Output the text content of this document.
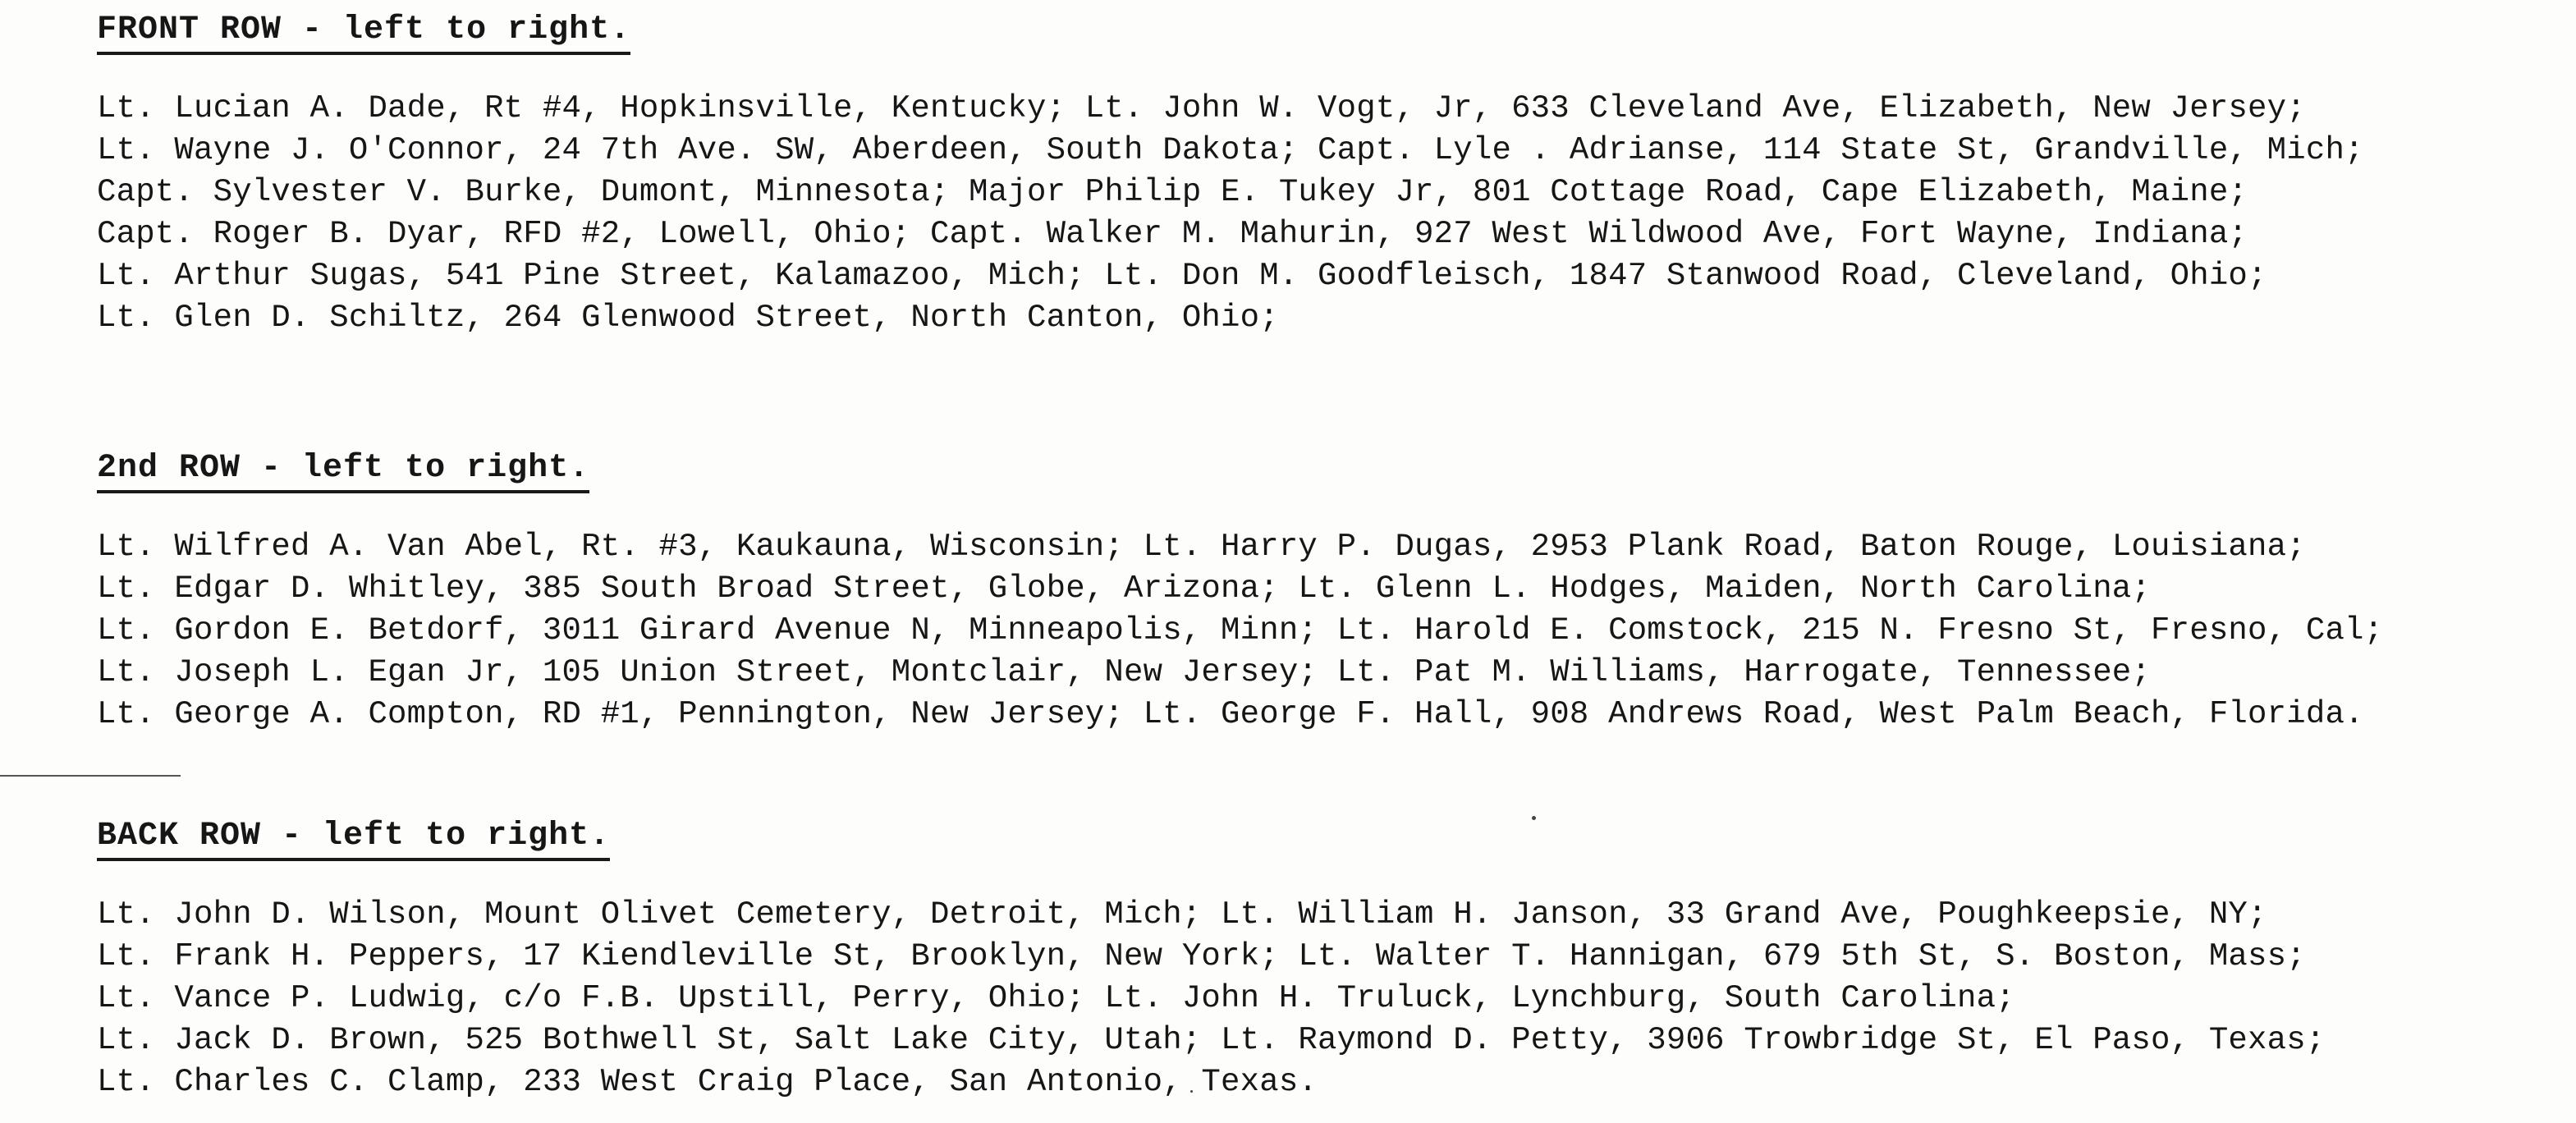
FRONT ROW - left to right.
Lt. Lucian A. Dade, Rt #4, Hopkinsville, Kentucky; Lt. John W. Vogt, Jr, 633 Cleveland Ave, Elizabeth, New Jersey;
Lt. Wayne J. O'Connor, 24 7th Ave. SW, Aberdeen, South Dakota; Capt. Lyle . Adrianse, 114 State St, Grandville, Mich;
Capt. Sylvester V. Burke, Dumont, Minnesota; Major Philip E. Tukey Jr, 801 Cottage Road, Cape Elizabeth, Maine;
Capt. Roger B. Dyar, RFD #2, Lowell, Ohio; Capt. Walker M. Mahurin, 927 West Wildwood Ave, Fort Wayne, Indiana;
Lt. Arthur Sugas, 541 Pine Street, Kalamazoo, Mich; Lt. Don M. Goodfleisch, 1847 Stanwood Road, Cleveland, Ohio;
Lt. Glen D. Schiltz, 264 Glenwood Street, North Canton, Ohio;
2nd ROW - left to right.
Lt. Wilfred A. Van Abel, Rt. #3, Kaukauna, Wisconsin; Lt. Harry P. Dugas, 2953 Plank Road, Baton Rouge, Louisiana;
Lt. Edgar D. Whitley, 385 South Broad Street, Globe, Arizona; Lt. Glenn L. Hodges, Maiden, North Carolina;
Lt. Gordon E. Betdorf, 3011 Girard Avenue N, Minneapolis, Minn; Lt. Harold E. Comstock, 215 N. Fresno St, Fresno, Cal;
Lt. Joseph L. Egan Jr, 105 Union Street, Montclair, New Jersey; Lt. Pat M. Williams, Harrogate, Tennessee;
Lt. George A. Compton, RD #1, Pennington, New Jersey; Lt. George F. Hall, 908 Andrews Road, West Palm Beach, Florida.
BACK ROW - left to right.
Lt. John D. Wilson, Mount Olivet Cemetery, Detroit, Mich; Lt. William H. Janson, 33 Grand Ave, Poughkeepsie, NY;
Lt. Frank H. Peppers, 17 Kiendleville St, Brooklyn, New York; Lt. Walter T. Hannigan, 679 5th St, S. Boston, Mass;
Lt. Vance P. Ludwig, c/o F.B. Upstill, Perry, Ohio; Lt. John H. Truluck, Lynchburg, South Carolina;
Lt. Jack D. Brown, 525 Bothwell St, Salt Lake City, Utah; Lt. Raymond D. Petty, 3906 Trowbridge St, El Paso, Texas;
Lt. Charles C. Clamp, 233 West Craig Place, San Antonio, Texas.
